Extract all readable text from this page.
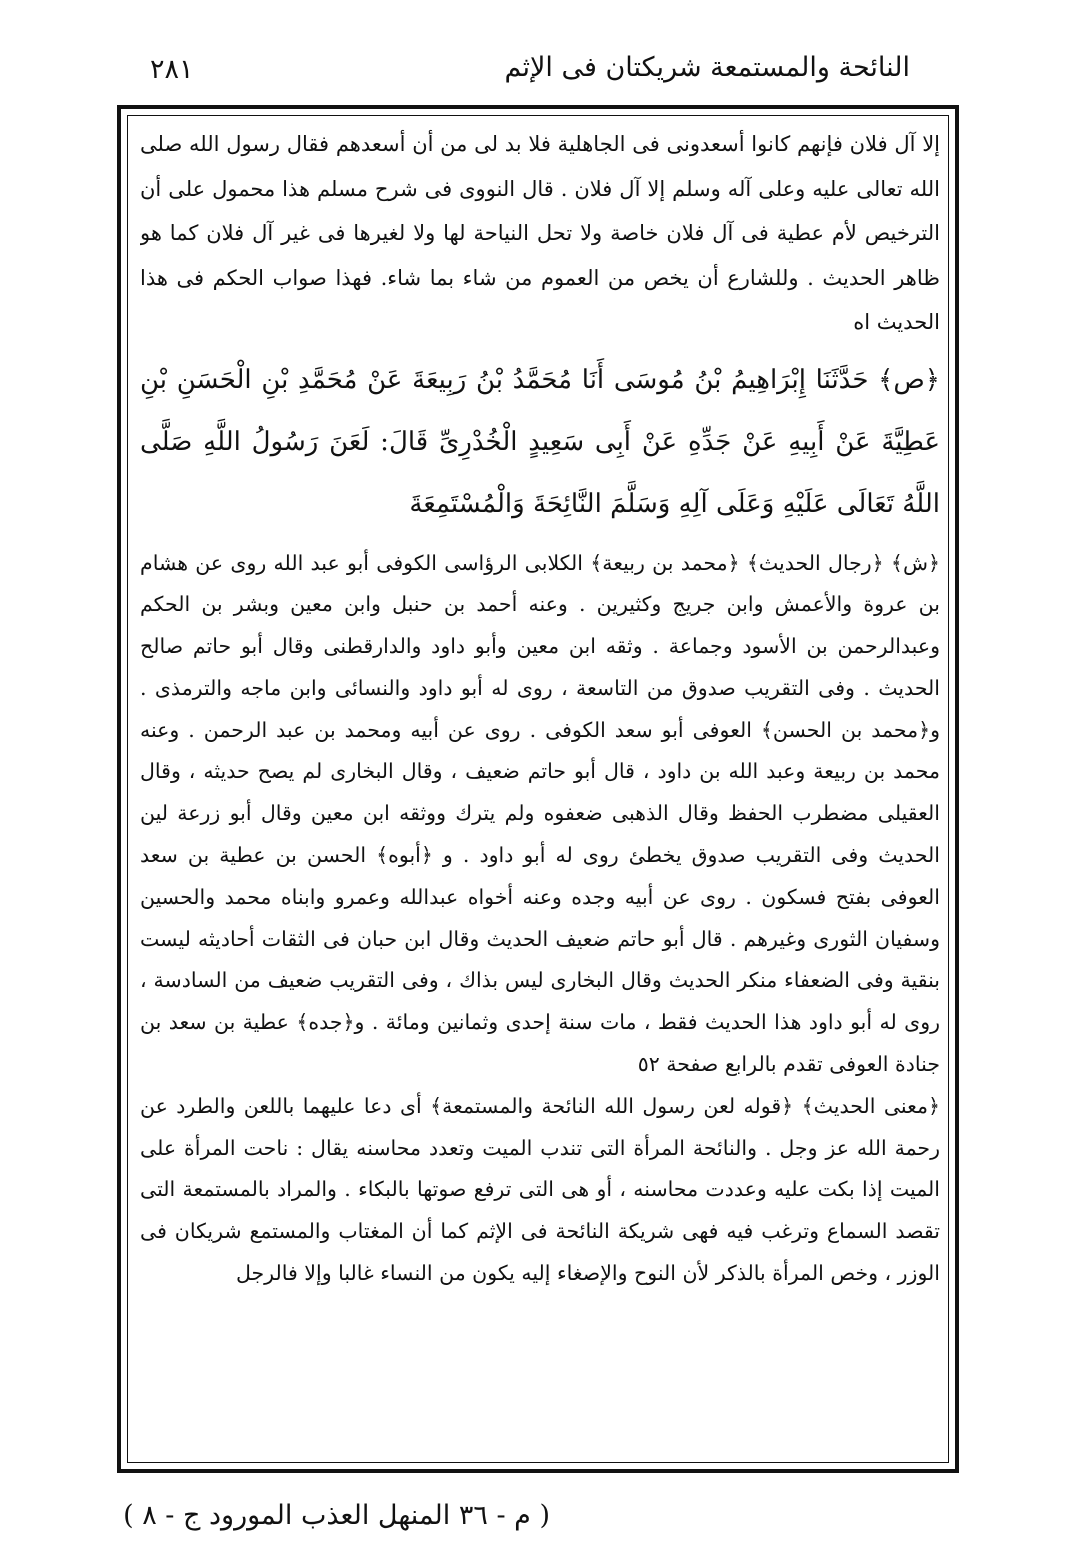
النائحة والمستمعة شريكتان فى الإثم
٢٨١

إلا آل فلان فإنهم كانوا أسعدونى فى الجاهلية فلا بد لى من أن أسعدهم فقال رسول الله صلى الله تعالى عليه وعلى آله وسلم إلا آل فلان . قال النووى فى شرح مسلم هذا محمول على أن الترخيص لأم عطية فى آل فلان خاصة ولا تحل النياحة لها ولا لغيرها فى غير آل فلان كما هو ظاهر الحديث . وللشارع أن يخص من العموم من شاء بما شاء. فهذا صواب الحكم فى هذا الحديث اه

﴿ص﴾ حَدَّثَنَا إِبْرَاهِيمُ بْنُ مُوسَى أَنَا مُحَمَّدُ بْنُ رَبِيعَةَ عَنْ مُحَمَّدِ بْنِ الْحَسَنِ بْنِ عَطِيَّةَ عَنْ أَبِيهِ عَنْ جَدِّهِ عَنْ أَبِى سَعِيدٍ الْخُدْرِىِّ قَالَ: لَعَنَ رَسُولُ اللَّهِ صَلَّى اللَّهُ تَعَالَى عَلَيْهِ وَعَلَى آلِهِ وَسَلَّمَ النَّائِحَةَ وَالْمُسْتَمِعَةَ

﴿ش﴾ ﴿رجال الحديث﴾ ﴿محمد بن ربيعة﴾ الكلابى الرؤاسى الكوفى أبو عبد الله روى عن هشام بن عروة والأعمش وابن جريج وكثيرين . وعنه أحمد بن حنبل وابن معين وبشر بن الحكم وعبدالرحمن بن الأسود وجماعة . وثقه ابن معين وأبو داود والدارقطنى وقال أبو حاتم صالح الحديث . وفى التقريب صدوق من التاسعة ، روى له أبو داود والنسائى وابن ماجه والترمذى . و﴿محمد بن الحسن﴾ العوفى أبو سعد الكوفى . روى عن أبيه ومحمد بن عبد الرحمن . وعنه محمد بن ربيعة وعبد الله بن داود ، قال أبو حاتم ضعيف ، وقال البخارى لم يصح حديثه ، وقال العقيلى مضطرب الحفظ وقال الذهبى ضعفوه ولم يترك ووثقه ابن معين وقال أبو زرعة لين الحديث وفى التقريب صدوق يخطئ روى له أبو داود . و ﴿أبوه﴾ الحسن بن عطية بن سعد العوفى بفتح فسكون . روى عن أبيه وجده وعنه أخواه عبدالله وعمرو وابناه محمد والحسين وسفيان الثورى وغيرهم . قال أبو حاتم ضعيف الحديث وقال ابن حبان فى الثقات أحاديثه ليست بنقية وفى الضعفاء منكر الحديث وقال البخارى ليس بذاك ، وفى التقريب ضعيف من السادسة ، روى له أبو داود هذا الحديث فقط ، مات سنة إحدى وثمانين ومائة . و﴿جده﴾ عطية بن سعد بن جنادة العوفى تقدم بالرابع صفحة ٥٢

﴿معنى الحديث﴾ ﴿قوله لعن رسول الله النائحة والمستمعة﴾ أى دعا عليهما باللعن والطرد عن رحمة الله عز وجل . والنائحة المرأة التى تندب الميت وتعدد محاسنه يقال : ناحت المرأة على الميت إذا بكت عليه وعددت محاسنه ، أو هى التى ترفع صوتها بالبكاء . والمراد بالمستمعة التى تقصد السماع وترغب فيه فهى شريكة النائحة فى الإثم كما أن المغتاب والمستمع شريكان فى الوزر ، وخص المرأة بالذكر لأن النوح والإصغاء إليه يكون من النساء غالبا وإلا فالرجل

( م - ٣٦ المنهل العذب المورود ج - ٨ )
